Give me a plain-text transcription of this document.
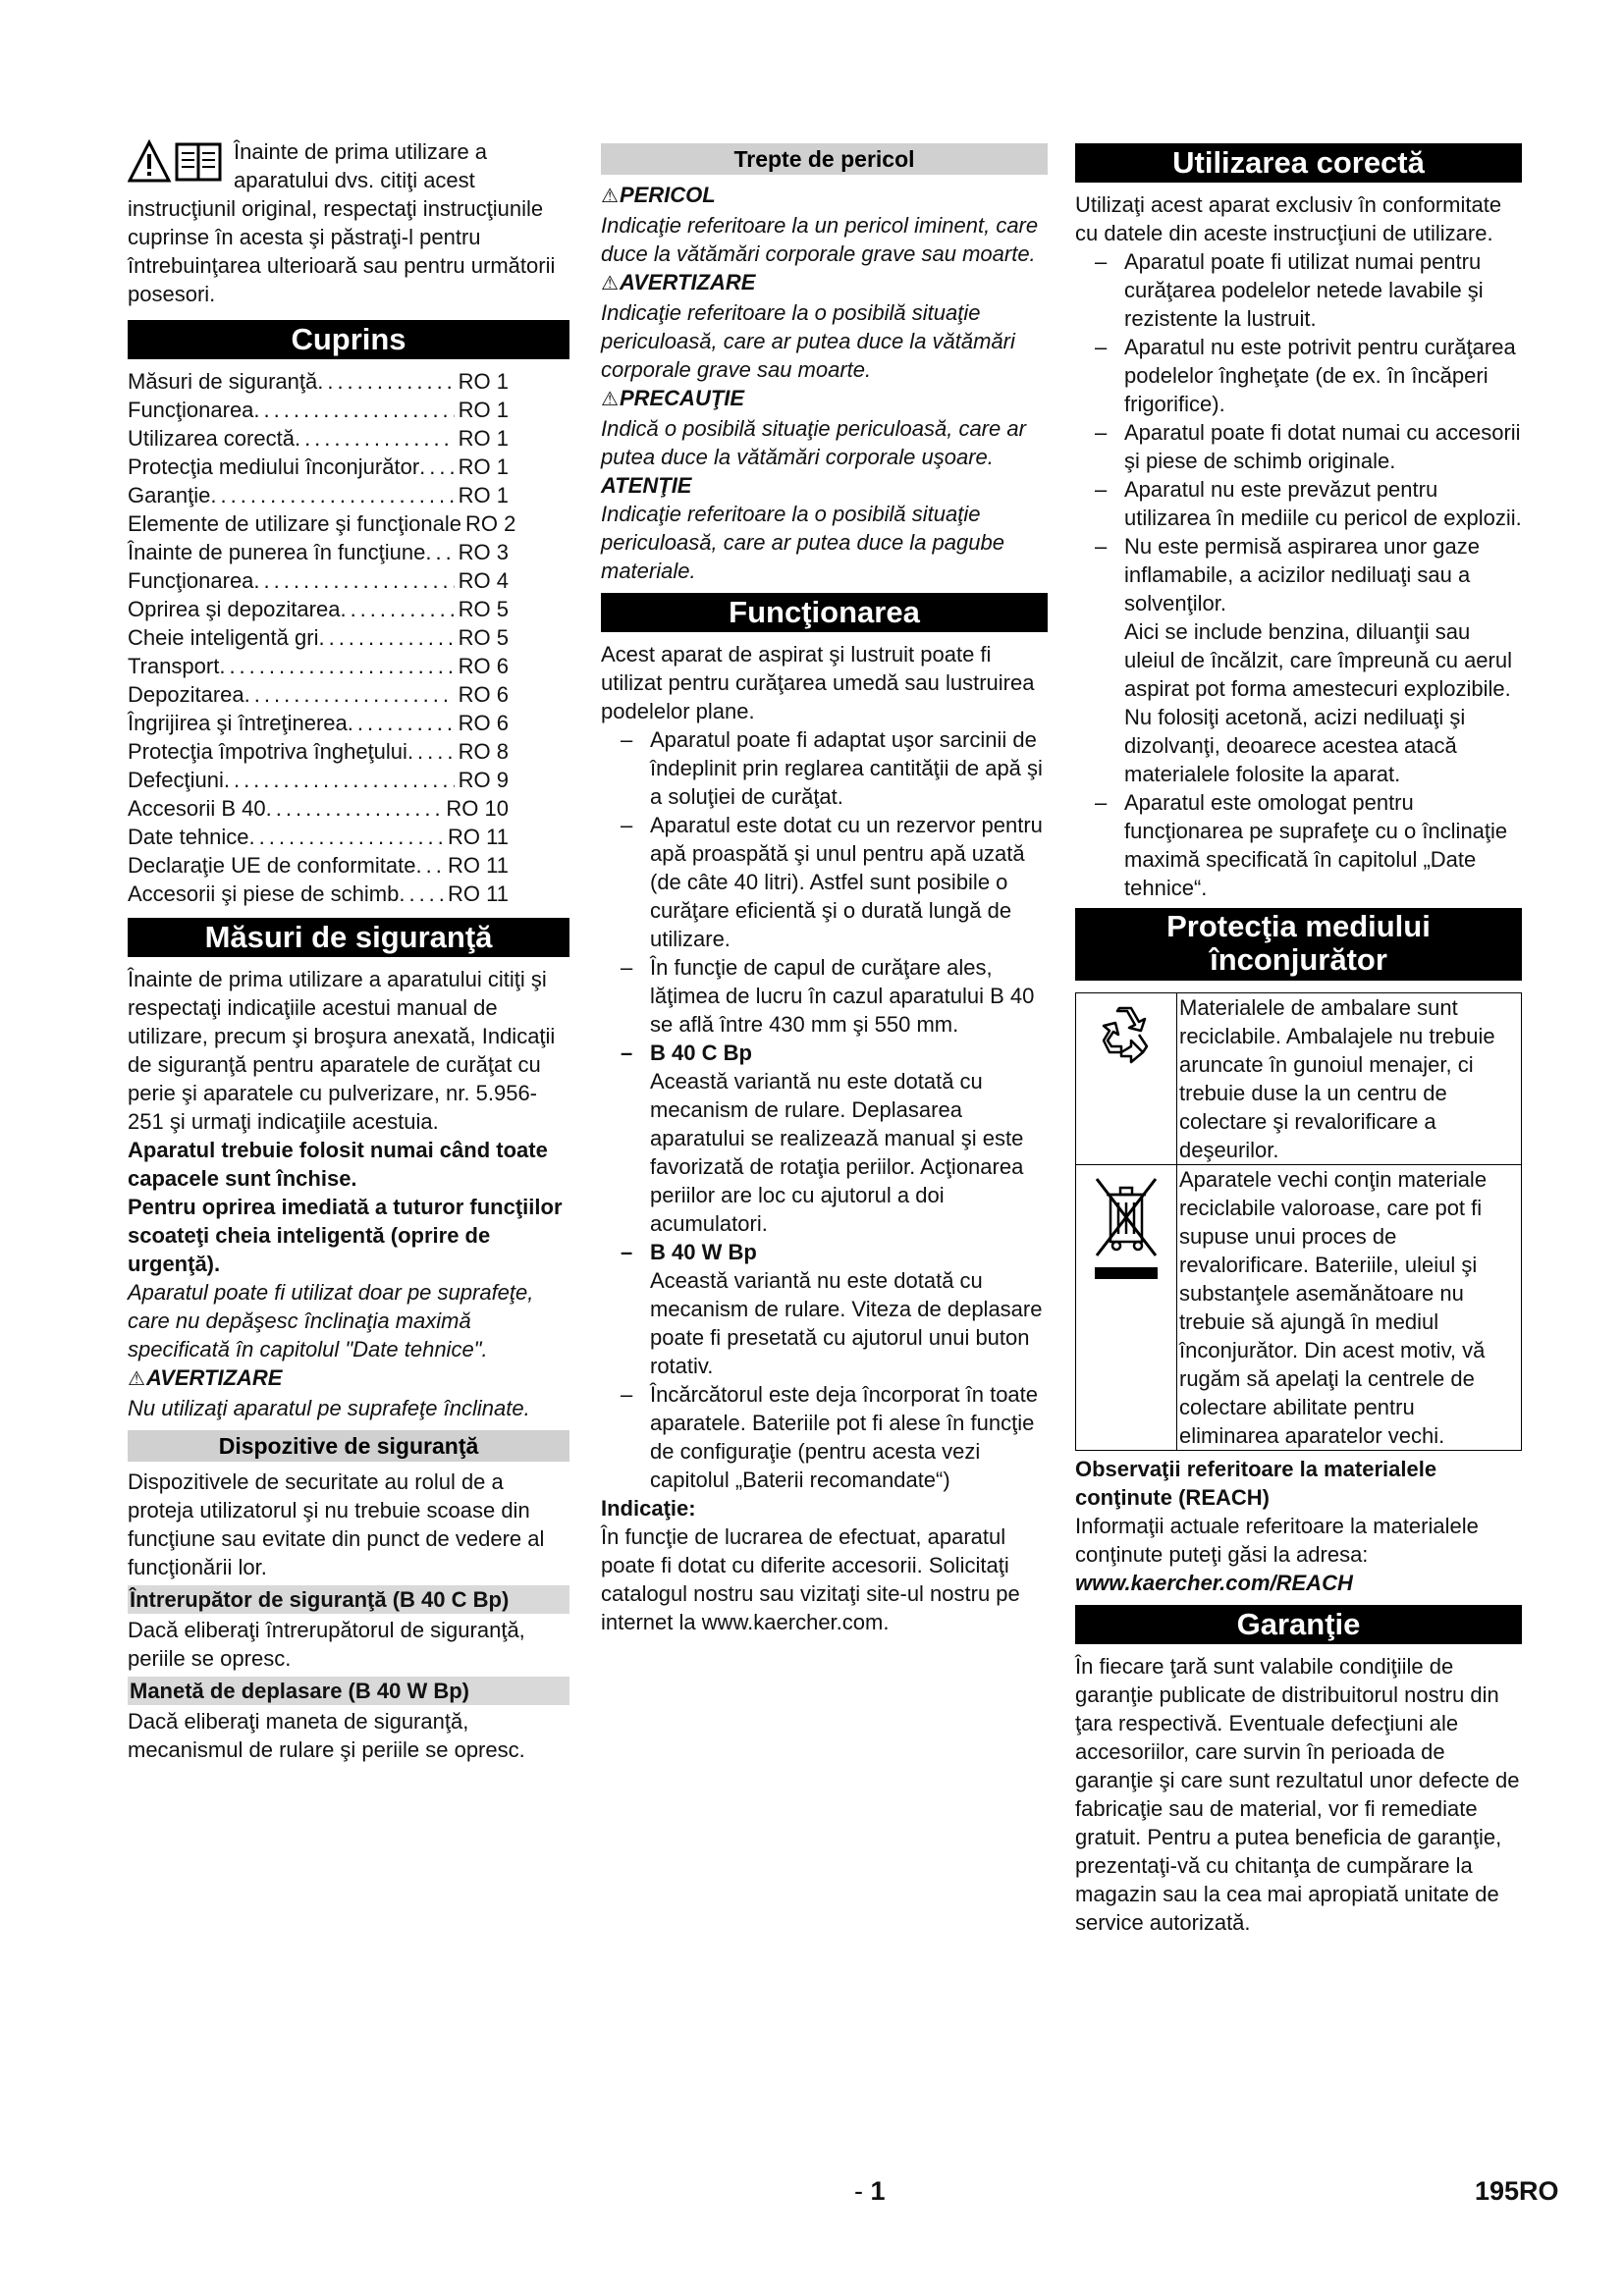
Înainte de prima utilizare a aparatului dvs. citiţi acest instrucţiunil original, respectaţi instrucţiunile cuprinse în acesta şi păstraţi-l pentru întrebuinţarea ulterioară sau pentru următorii posesori.

Cuprins
Măsuri de siguranţă .....	RO 1
Funcţionarea .....	RO 1
Utilizarea corectă .....	RO 1
Protecţia mediului înconjurător ..... RO 1
Garanţie .....	RO 1
Elemente de utilizare şi funcţionale RO 2
Înainte de punerea în funcţiune ..... RO 3
Funcţionarea .....	RO 4
Oprirea şi depozitarea .....	RO 5
Cheie inteligentă gri .....	RO 5
Transport .....	RO 6
Depozitarea .....	RO 6
Îngrijirea şi întreţinerea .....	RO 6
Protecţia împotriva îngheţului ..... RO 8
Defecţiuni .....	RO 9
Accesorii B 40 .....	RO 10
Date tehnice .....	RO 11
Declaraţie UE de conformitate ..... RO 11
Accesorii şi piese de schimb ..... RO 11
Măsuri de siguranţă

Înainte de prima utilizare a aparatului citiţi şi respectaţi indicaţiile acestui manual de utilizare, precum şi broşura anexată, Indicaţii de siguranţă pentru aparatele de curăţat cu perie şi aparatele cu pulverizare, nr. 5.956-251 şi urmaţi indicaţiile acestuia.

Aparatul trebuie folosit numai când toate capacele sunt închise.

Pentru oprirea imediată a tuturor funcţiilor scoateţi cheia inteligentă (oprire de urgenţă).

Aparatul poate fi utilizat doar pe suprafeţe, care nu depăşesc înclinaţia maximă specificată în capitolul "Date tehnice".

⚠ AVERTIZARE

Nu utilizaţi aparatul pe suprafeţe înclinate.

Dispozitive de siguranţă

Dispozitivele de securitate au rolul de a proteja utilizatorul şi nu trebuie scoase din funcţiune sau evitate din punct de vedere al funcţionării lor.

Întrerupător de siguranţă (B 40 C Bp)

Dacă eliberaţi întrerupătorul de siguranţă, periile se opresc.

Manetă de deplasare (B 40 W Bp)

Dacă eliberaţi maneta de siguranţă, mecanismul de rulare şi periile se opresc.

Trepte de pericol

⚠ PERICOL

Indicaţie referitoare la un pericol iminent, care duce la vătămări corporale grave sau moarte.

⚠ AVERTIZARE

Indicaţie referitoare la o posibilă situaţie periculoasă, care ar putea duce la vătămări corporale grave sau moarte.

⚠ PRECAUŢIE

Indică o posibilă situaţie periculoasă, care ar putea duce la vătămări corporale uşoare.

ATENŢIE

Indicaţie referitoare la o posibilă situaţie periculoasă, care ar putea duce la pagube materiale.

Funcţionarea

Acest aparat de aspirat şi lustruit poate fi utilizat pentru curăţarea umedă sau lustruirea podelelor plane.

– Aparatul poate fi adaptat uşor sarcinii de îndeplinit prin reglarea cantităţii de apă şi a soluţiei de curăţat.

– Aparatul este dotat cu un rezervor pentru apă proaspătă şi unul pentru apă uzată (de câte 40 litri). Astfel sunt posibile o curăţare eficientă şi o durată lungă de utilizare.

– În funcţie de capul de curăţare ales, lăţimea de lucru în cazul aparatului B 40 se află între 430 mm şi 550 mm.

– B 40 C Bp

Această variantă nu este dotată cu mecanism de rulare. Deplasarea aparatului se realizează manual şi este favorizată de rotaţia periilor. Acţionarea periilor are loc cu ajutorul a doi acumulatori.

– B 40 W Bp

Această variantă nu este dotată cu mecanism de rulare. Viteza de deplasare poate fi presetată cu ajutorul unui buton rotativ.

– Încărcătorul este deja încorporat în toate aparatele. Bateriile pot fi alese în funcţie de configuraţie (pentru acesta vezi capitolul „Baterii recomandate“)

Indicaţie:

În funcţie de lucrarea de efectuat, aparatul poate fi dotat cu diferite accesorii. Solicitaţi catalogul nostru sau vizitaţi site-ul nostru pe internet la www.kaercher.com.

Utilizarea corectă

Utilizaţi acest aparat exclusiv în conformitate cu datele din aceste instrucţiuni de utilizare.

– Aparatul poate fi utilizat numai pentru curăţarea podelelor netede lavabile şi rezistente la lustruit.

– Aparatul nu este potrivit pentru curăţarea podelelor îngheţate (de ex. în încăperi frigorifice).

– Aparatul poate fi dotat numai cu accesorii şi piese de schimb originale.

– Aparatul nu este prevăzut pentru utilizarea în mediile cu pericol de explozii.

– Nu este permisă aspirarea unor gaze inflamabile, a acizilor nediluaţi sau a solvenţilor.

Aici se include benzina, diluanţii sau uleiul de încălzit, care împreună cu aerul aspirat pot forma amestecuri explozibile. Nu folosiţi acetonă, acizi nediluaţi şi dizolvanţi, deoarece acestea atacă materialele folosite la aparat.

– Aparatul este omologat pentru funcţionarea pe suprafeţe cu o înclinaţie maximă specificată în capitolul „Date tehnice“.

Protecţia mediului
înconjurător
	Materialele de ambalare sunt reciclabile. Ambalajele nu trebuie aruncate în gunoiul menajer, ci trebuie duse la un centru de colectare şi revalorificare a deşeurilor.
	Aparatele vechi conţin materiale reciclabile valoroase, care pot fi supuse unui proces de revalorificare. Bateriile, uleiul şi substanţele asemănătoare nu trebuie să ajungă în mediul înconjurător. Din acest motiv, vă rugăm să apelaţi la centrele de colectare abilitate pentru eliminarea aparatelor vechi.

Observaţii referitoare la materialele conţinute (REACH)

Informaţii actuale referitoare la materialele conţinute puteţi găsi la adresa:

www.kaercher.com/REACH

Garanţie

În fiecare ţară sunt valabile condiţiile de garanţie publicate de distribuitorul nostru din ţara respectivă. Eventuale defecţiuni ale accesoriilor, care survin în perioada de garanţie şi care sunt rezultatul unor defecte de fabricaţie sau de material, vor fi remediate gratuit. Pentru a putea beneficia de garanţie, prezentaţi-vă cu chitanţa de cumpărare la magazin sau la cea mai apropiată unitate de service autorizată.

- 1	195RO
